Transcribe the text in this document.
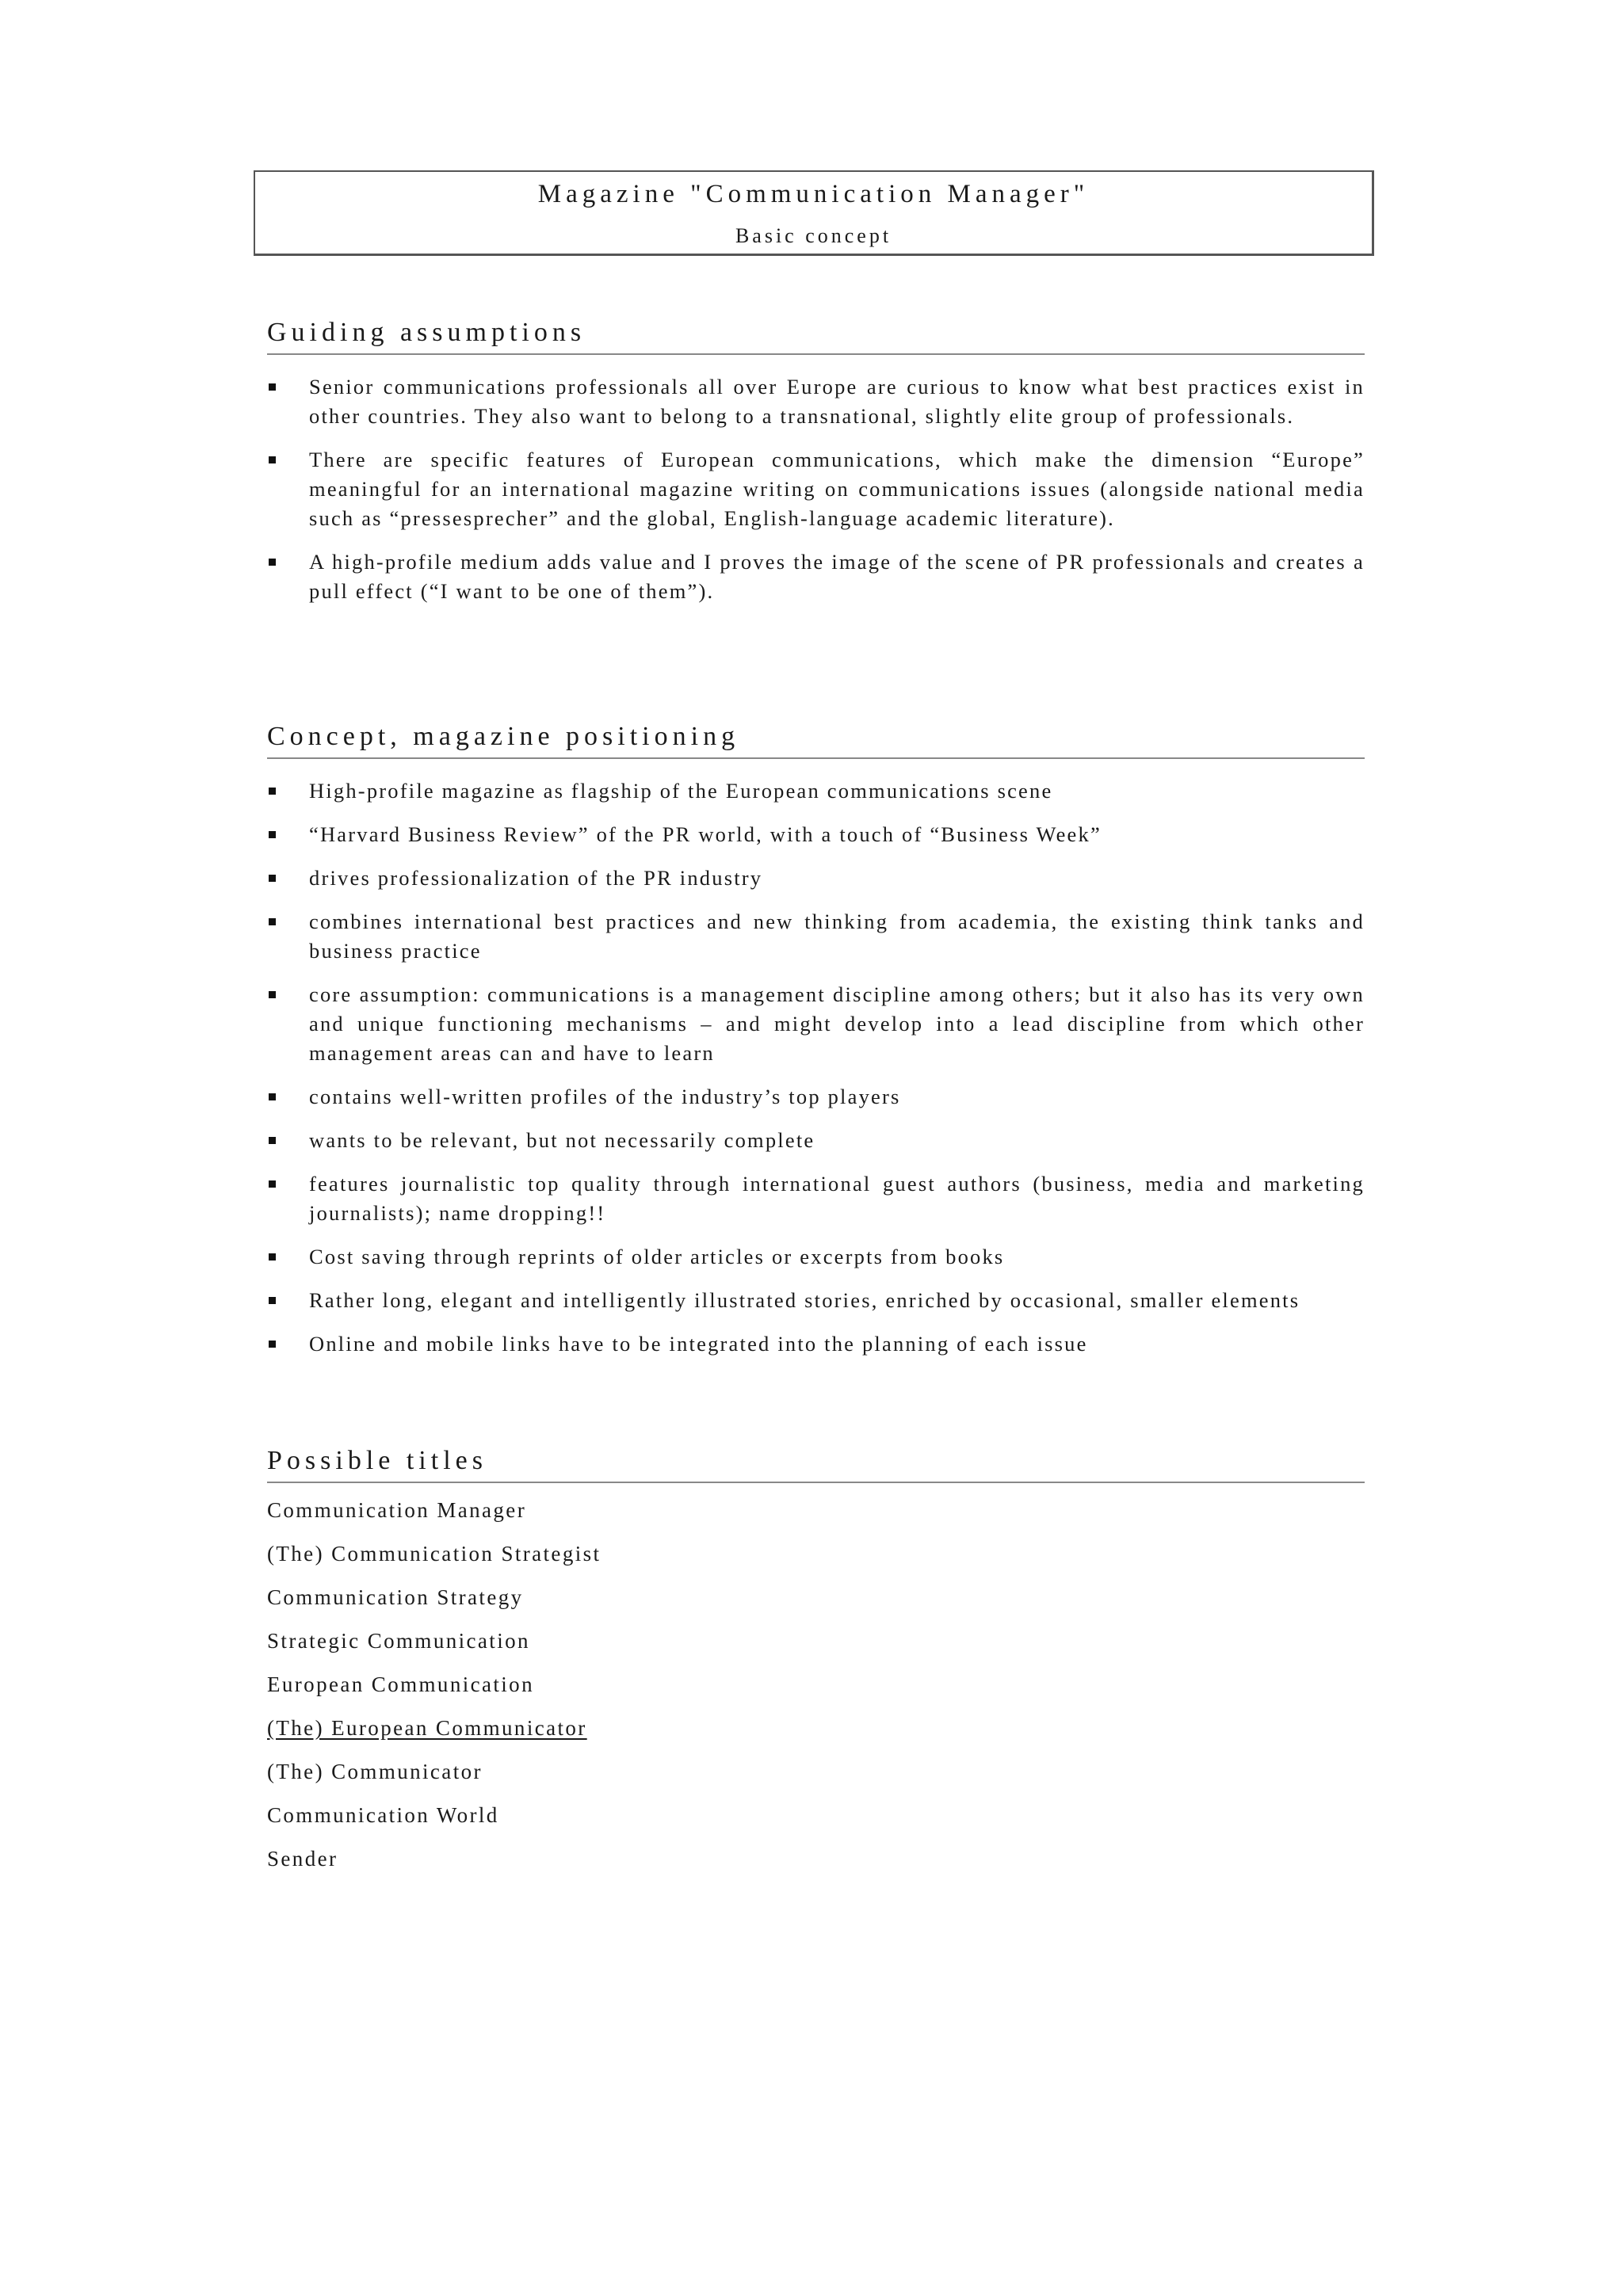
Magazine "Communication Manager"
Basic concept
Guiding assumptions
Senior communications professionals all over Europe are curious to know what best practices exist in other countries. They also want to belong to a transnational, slightly elite group of professionals.
There are specific features of European communications, which make the dimension “Europe” meaningful for an international magazine writing on communications issues (alongside national media such as “pressesprecher” and the global, English-language academic literature).
A high-profile medium adds value and I proves the image of the scene of PR professionals and creates a pull effect (“I want to be one of them”).
Concept, magazine positioning
High-profile magazine as flagship of the European communications scene
“Harvard Business Review” of the PR world, with a touch of “Business Week”
drives professionalization of the PR industry
combines international best practices and new thinking from academia, the existing think tanks and business practice
core assumption: communications is a management discipline among others; but it also has its very own and unique functioning mechanisms – and might develop into a lead discipline from which other management areas can and have to learn
contains well-written profiles of the industry’s top players
wants to be relevant, but not necessarily complete
features journalistic top quality through international guest authors (business, media and marketing journalists); name dropping!!
Cost saving through reprints of older articles or excerpts from books
Rather long, elegant and intelligently illustrated stories, enriched by occasional, smaller elements
Online and mobile links have to be integrated into the planning of each issue
Possible titles
Communication Manager
(The) Communication Strategist
Communication Strategy
Strategic Communication
European Communication
(The) European Communicator
(The) Communicator
Communication World
Sender
